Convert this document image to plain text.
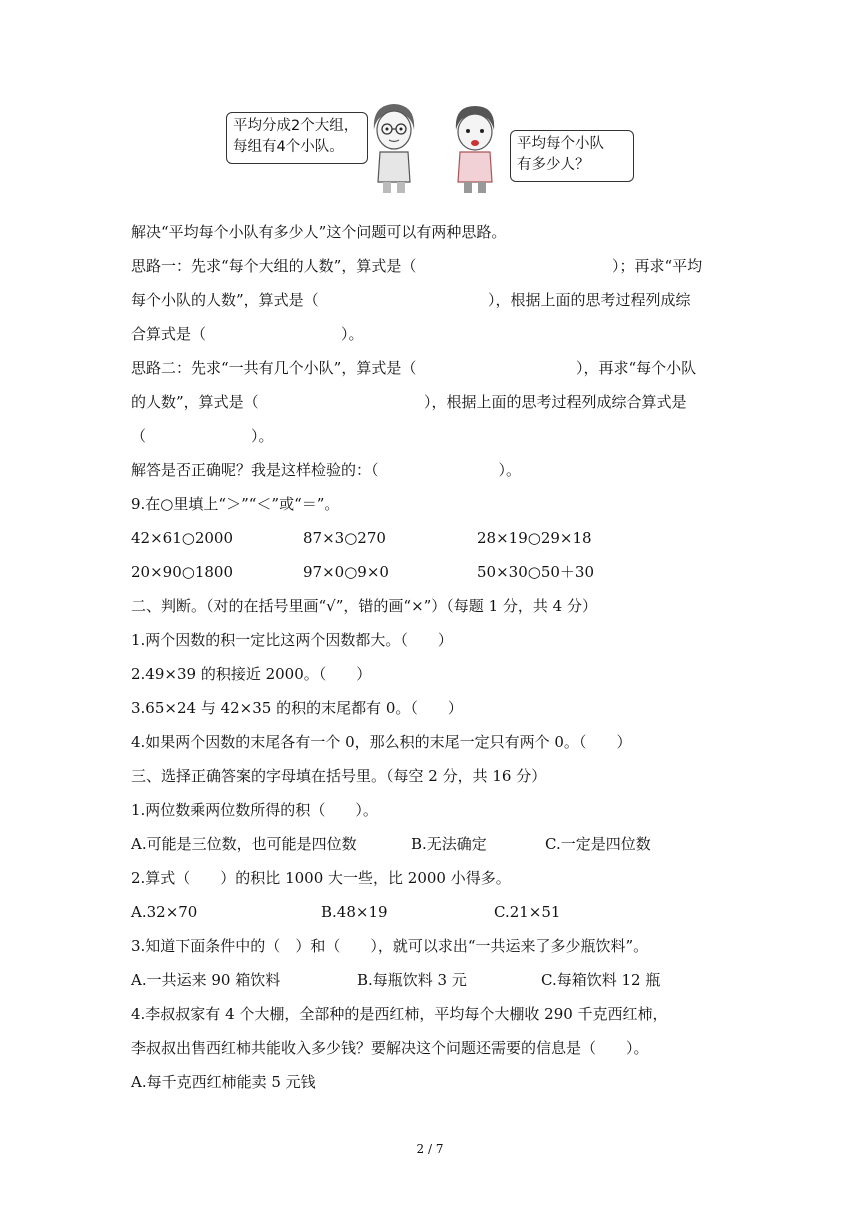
平均分成2个大组，
每组有4个小队。	平均每个小队
有多少人？
解决“平均每个小队有多少人”这个问题可以有两种思路。
思路一：先求“每个大组的人数”，算式是（	）；再求“平均
每个小队的人数”，算式是（	），根据上面的思考过程列成综
合算式是（　　　　　　　　　）。
思路二：先求“一共有几个小队”，算式是（	），再求“每个小队
的人数”，算式是（	），根据上面的思考过程列成综合算式是
（　　　　　　　）。
解答是否正确呢？我是这样检验的：（　　　　　　　　）。
9.在○里填上“＞”“＜”或“＝”。
42×61○2000	87×3○270	28×19○29×18
20×90○1800	97×0○9×0	50×30○50＋30
二、判断。（对的在括号里画“√”，错的画“×”）（每题 1 分，共 4 分）
1.两个因数的积一定比这两个因数都大。（　　）
2.49×39 的积接近 2000。（　　）
3.65×24 与 42×35 的积的末尾都有 0。（　　）
4.如果两个因数的末尾各有一个 0，那么积的末尾一定只有两个 0。（　　）
三、选择正确答案的字母填在括号里。（每空 2 分，共 16 分）
1.两位数乘两位数所得的积（　　）。
A.可能是三位数，也可能是四位数	B.无法确定	C.一定是四位数
2.算式（　　）的积比 1000 大一些，比 2000 小得多。
A.32×70	B.48×19	C.21×51
3.知道下面条件中的（　）和（　　），就可以求出“一共运来了多少瓶饮料”。
A.一共运来 90 箱饮料	B.每瓶饮料 3 元	C.每箱饮料 12 瓶
4.李叔叔家有 4 个大棚，全部种的是西红柿，平均每个大棚收 290 千克西红柿，
李叔叔出售西红柿共能收入多少钱？要解决这个问题还需要的信息是（　　）。
A.每千克西红柿能卖 5 元钱
2 / 7
